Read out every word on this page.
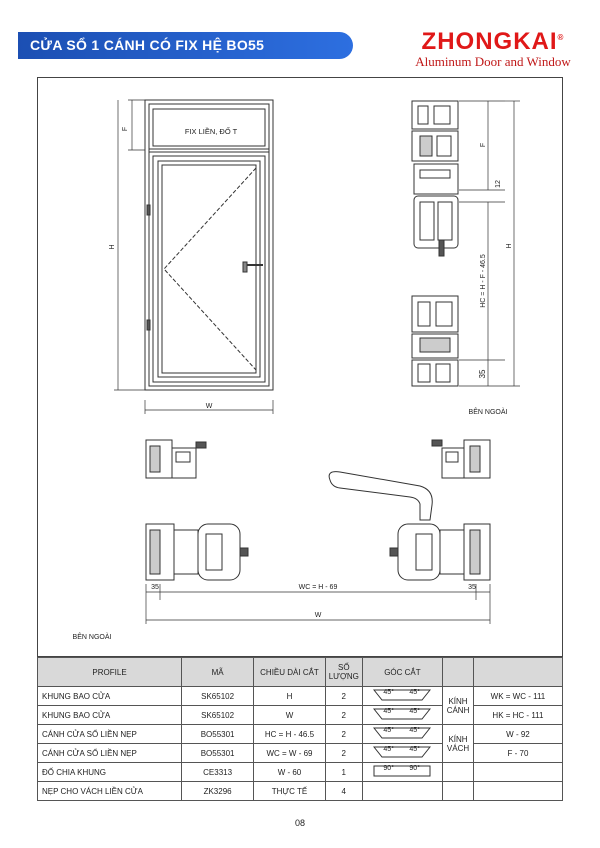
CỬA SỔ 1 CÁNH CÓ FIX HỆ BO55	ZHONGKAI®
Aluminum Door and Window
FIX LIỀN, ĐỐ T
F
H
W
F
12
HC = H - F - 46.5
H
35
BÊN NGOÀI
35	WC = H - 69	35
W
BÊN NGOÀI
PROFILE	MÃ	CHIỀU DÀI CẮT	SỐ LƯỢNG	GÓC CẮT		
KHUNG BAO CỬA	SK65102	H	2	45° 45°	KÍNH CÁNH	WK = WC - 111
KHUNG BAO CỬA	SK65102	W	2	45° 45°		HK = HC - 111
CÁNH CỬA SỔ LIỀN NẸP	BO55301	HC = H - 46.5	2	45° 45°	KÍNH VÁCH	W - 92
CÁNH CỬA SỔ LIỀN NẸP	BO55301	WC = W - 69	2	45° 45°		F - 70
ĐỐ CHIA KHUNG	CE3313	W - 60	1	90° 90°		

NẸP CHO VÁCH LIỀN CỬA	ZK3296	THỰC TẾ	4			
08
